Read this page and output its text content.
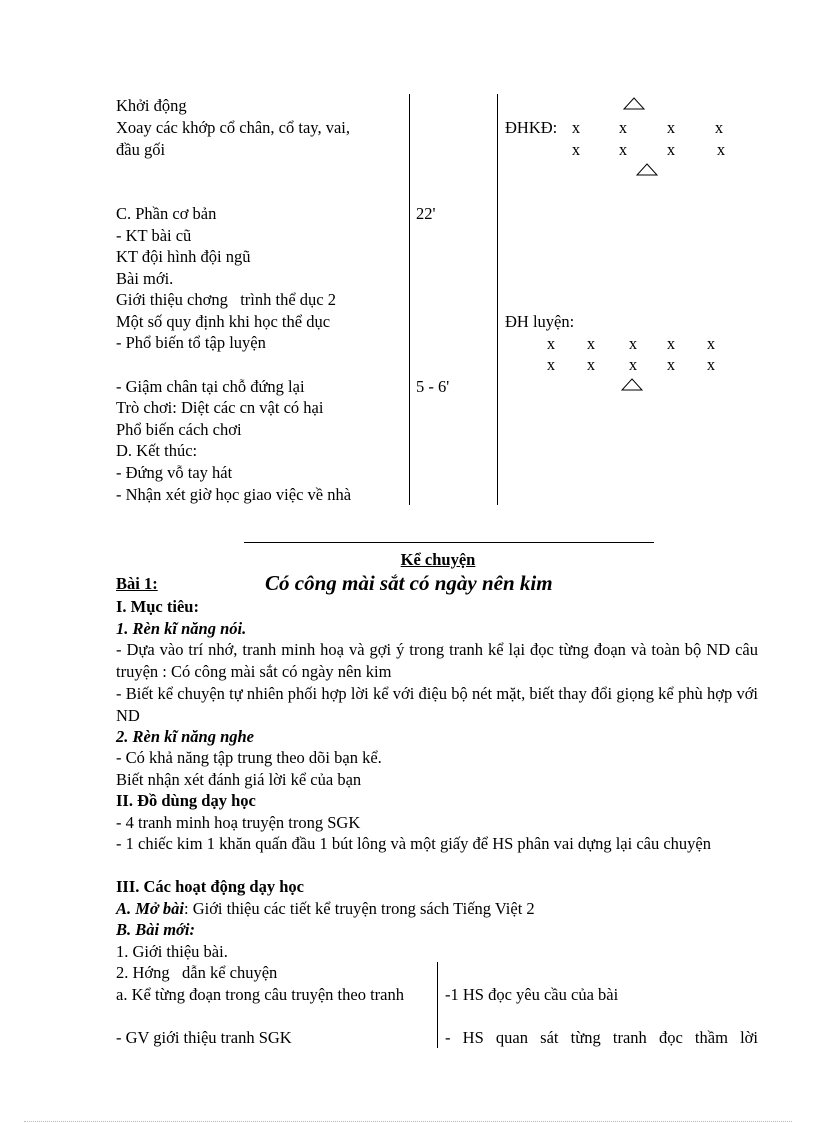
Khởi động
Xoay các khớp cổ chân, cổ tay, vai,
đầu gối
C. Phần cơ bản
- KT bài cũ
KT đội hình đội ngũ
Bài mới.
Giới thiệu chơng   trình thể dục 2
Một số quy định khi học thể dục
- Phổ biến tổ tập luyện
- Giậm chân tại chỗ đứng lại
Trò chơi: Diệt các cn vật có hại
Phổ biến cách chơi
D. Kết thúc:
- Đứng vỗ tay hát
- Nhận xét giờ học giao việc về nhà
22'
5 - 6'
ĐHKĐ: x x x x
x x x	x
ĐH luyện:
x x x x x
x x x x x
Kể chuyện
Bài 1:	Có công mài sắt có ngày nên kim
I. Mục tiêu:
1. Rèn kĩ năng nói.
- Dựa vào trí nhớ, tranh minh hoạ và gợi ý trong tranh kể lại đọc từng đoạn và toàn bộ ND câu truyện : Có công mài sắt có ngày nên kim
- Biết kể chuyện tự nhiên phối hợp lời kể với điệu bộ nét mặt, biết thay đổi giọng kể phù hợp với ND
2. Rèn kĩ năng nghe
- Có khả năng tập trung theo dõi bạn kể.
Biết nhận xét đánh giá lời kể của bạn
II. Đồ dùng dạy học
- 4 tranh minh hoạ truyện trong SGK
- 1 chiếc kim 1 khăn quấn đầu 1 bút lông và một giấy để HS phân vai dựng lại câu chuyện
III. Các hoạt động dạy học
A. Mở bài: Giới thiệu các tiết kể truyện trong sách Tiếng Việt 2
B. Bài mới:
1. Giới thiệu bài.
2. Hớng   dẫn kể chuyện
a. Kể từng đoạn trong câu truyện theo tranh
- GV giới thiệu tranh SGK
-1 HS đọc yêu cầu của bài
- HS quan sát từng tranh đọc thầm lời
